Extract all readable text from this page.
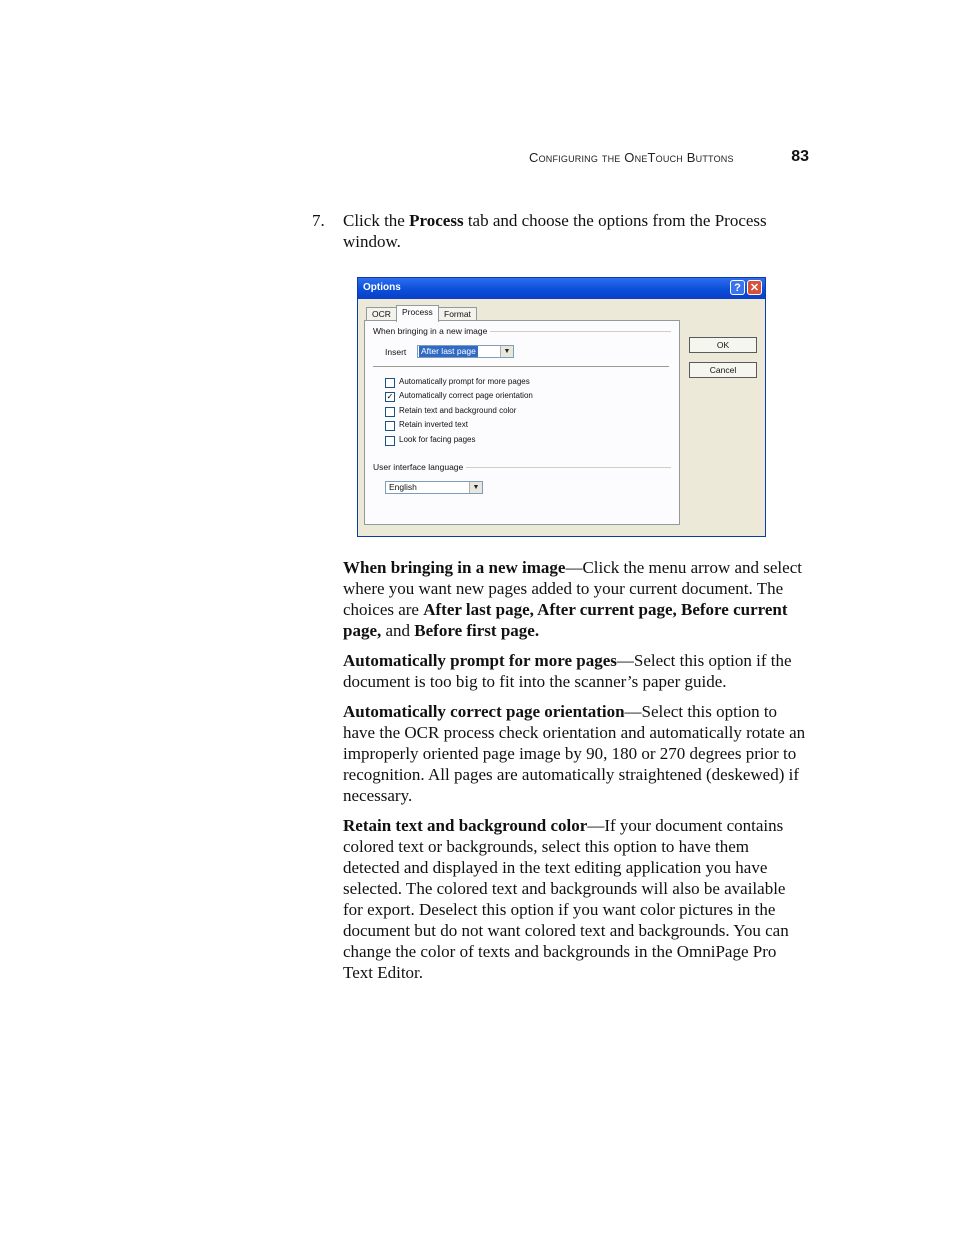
Configuring the OneTouch Buttons	83
7. Click the Process tab and choose the options from the Process window.
Options	? ✕
OCR	Process	Format
When bringing in a new image
Insert After last page	▼
Automatically prompt for more pages
✓ Automatically correct page orientation
Retain text and background color
Retain inverted text
Look for facing pages
User interface language
English	▼
OK
Cancel

When bringing in a new image—Click the menu arrow and select where you want new pages added to your current document. The choices are After last page, After current page, Before current page, and Before first page.

Automatically prompt for more pages—Select this option if the document is too big to fit into the scanner’s paper guide.

Automatically correct page orientation—Select this option to have the OCR process check orientation and automatically rotate an improperly oriented page image by 90, 180 or 270 degrees prior to recognition. All pages are automatically straightened (deskewed) if necessary.

Retain text and background color—If your document contains colored text or backgrounds, select this option to have them detected and displayed in the text editing application you have selected. The colored text and backgrounds will also be available for export. Deselect this option if you want color pictures in the document but do not want colored text and backgrounds. You can change the color of texts and backgrounds in the OmniPage Pro Text Editor.
